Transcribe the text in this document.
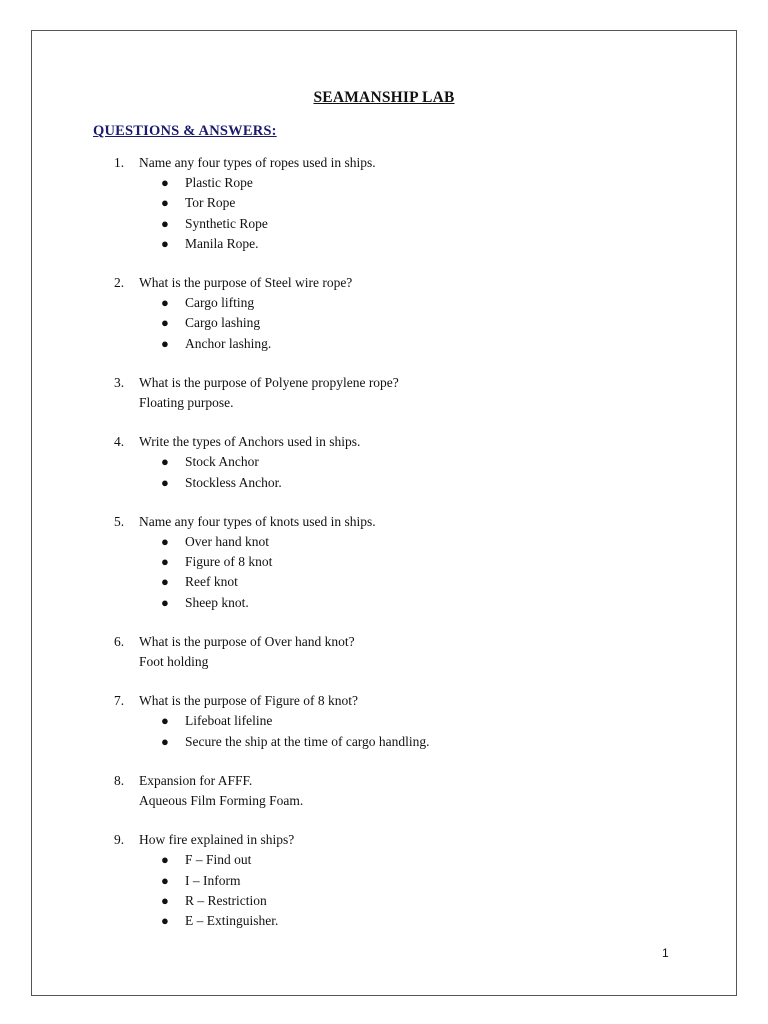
SEAMANSHIP LAB
QUESTIONS & ANSWERS:
1.	Name any four types of ropes used in ships.
●	Plastic Rope
●	Tor Rope
●	Synthetic Rope
●	Manila Rope.
2.	What is the purpose of Steel wire rope?
●	Cargo lifting
●	Cargo lashing
●	Anchor lashing.
3.	What is the purpose of Polyene propylene rope?
Floating purpose.
4.	Write the types of Anchors used in ships.
●	Stock Anchor
●	Stockless Anchor.
5.	Name any four types of knots used in ships.
●	Over hand knot
●	Figure of 8 knot
●	Reef knot
●	Sheep knot.
6.	What is the purpose of Over hand knot?
Foot holding
7.	What is the purpose of Figure of 8 knot?
●	Lifeboat lifeline
●	Secure the ship at the time of cargo handling.
8.	Expansion for AFFF.
Aqueous Film Forming Foam.
9.	How fire explained in ships?
●	F – Find out
●	I – Inform
●	R – Restriction
●	E – Extinguisher.
1
